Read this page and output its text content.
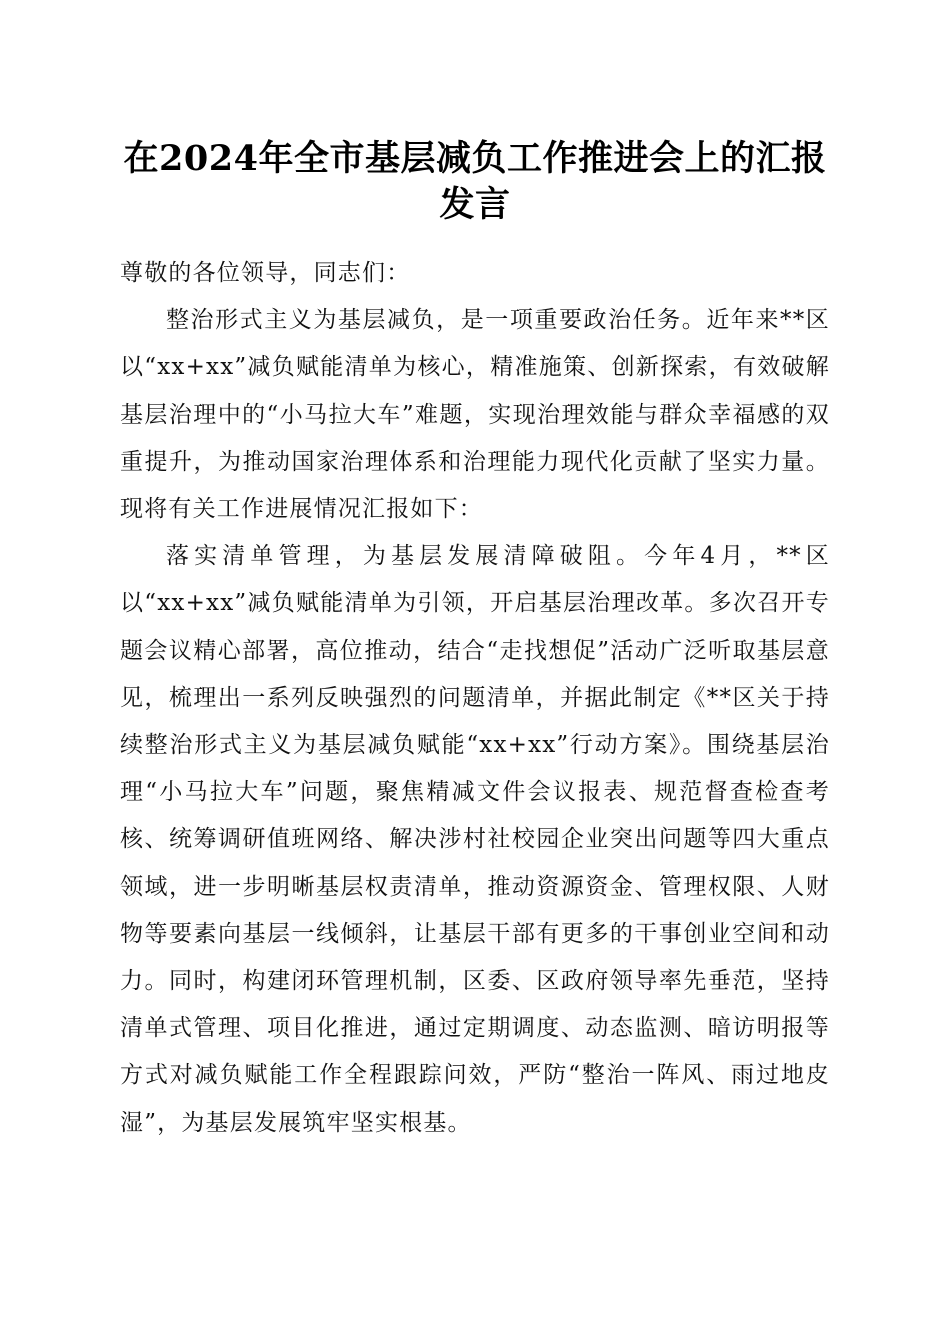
在2024年全市基层减负工作推进会上的汇报
发言

尊敬的各位领导，同志们：

整治形式主义为基层减负，是一项重要政治任务。近年来**区以“xx+xx”减负赋能清单为核心，精准施策、创新探索，有效破解基层治理中的“小马拉大车”难题，实现治理效能与群众幸福感的双重提升，为推动国家治理体系和治理能力现代化贡献了坚实力量。现将有关工作进展情况汇报如下：

落实清单管理，为基层发展清障破阻。今年4月，**区以“xx+xx”减负赋能清单为引领，开启基层治理改革。多次召开专题会议精心部署，高位推动，结合“走找想促”活动广泛听取基层意见，梳理出一系列反映强烈的问题清单，并据此制定《**区关于持续整治形式主义为基层减负赋能“xx+xx”行动方案》。围绕基层治理“小马拉大车”问题，聚焦精减文件会议报表、规范督查检查考核、统筹调研值班网络、解决涉村社校园企业突出问题等四大重点领域，进一步明晰基层权责清单，推动资源资金、管理权限、人财物等要素向基层一线倾斜，让基层干部有更多的干事创业空间和动力。同时，构建闭环管理机制，区委、区政府领导率先垂范，坚持清单式管理、项目化推进，通过定期调度、动态监测、暗访明报等方式对减负赋能工作全程跟踪问效，严防“整治一阵风、雨过地皮湿”，为基层发展筑牢坚实根基。
